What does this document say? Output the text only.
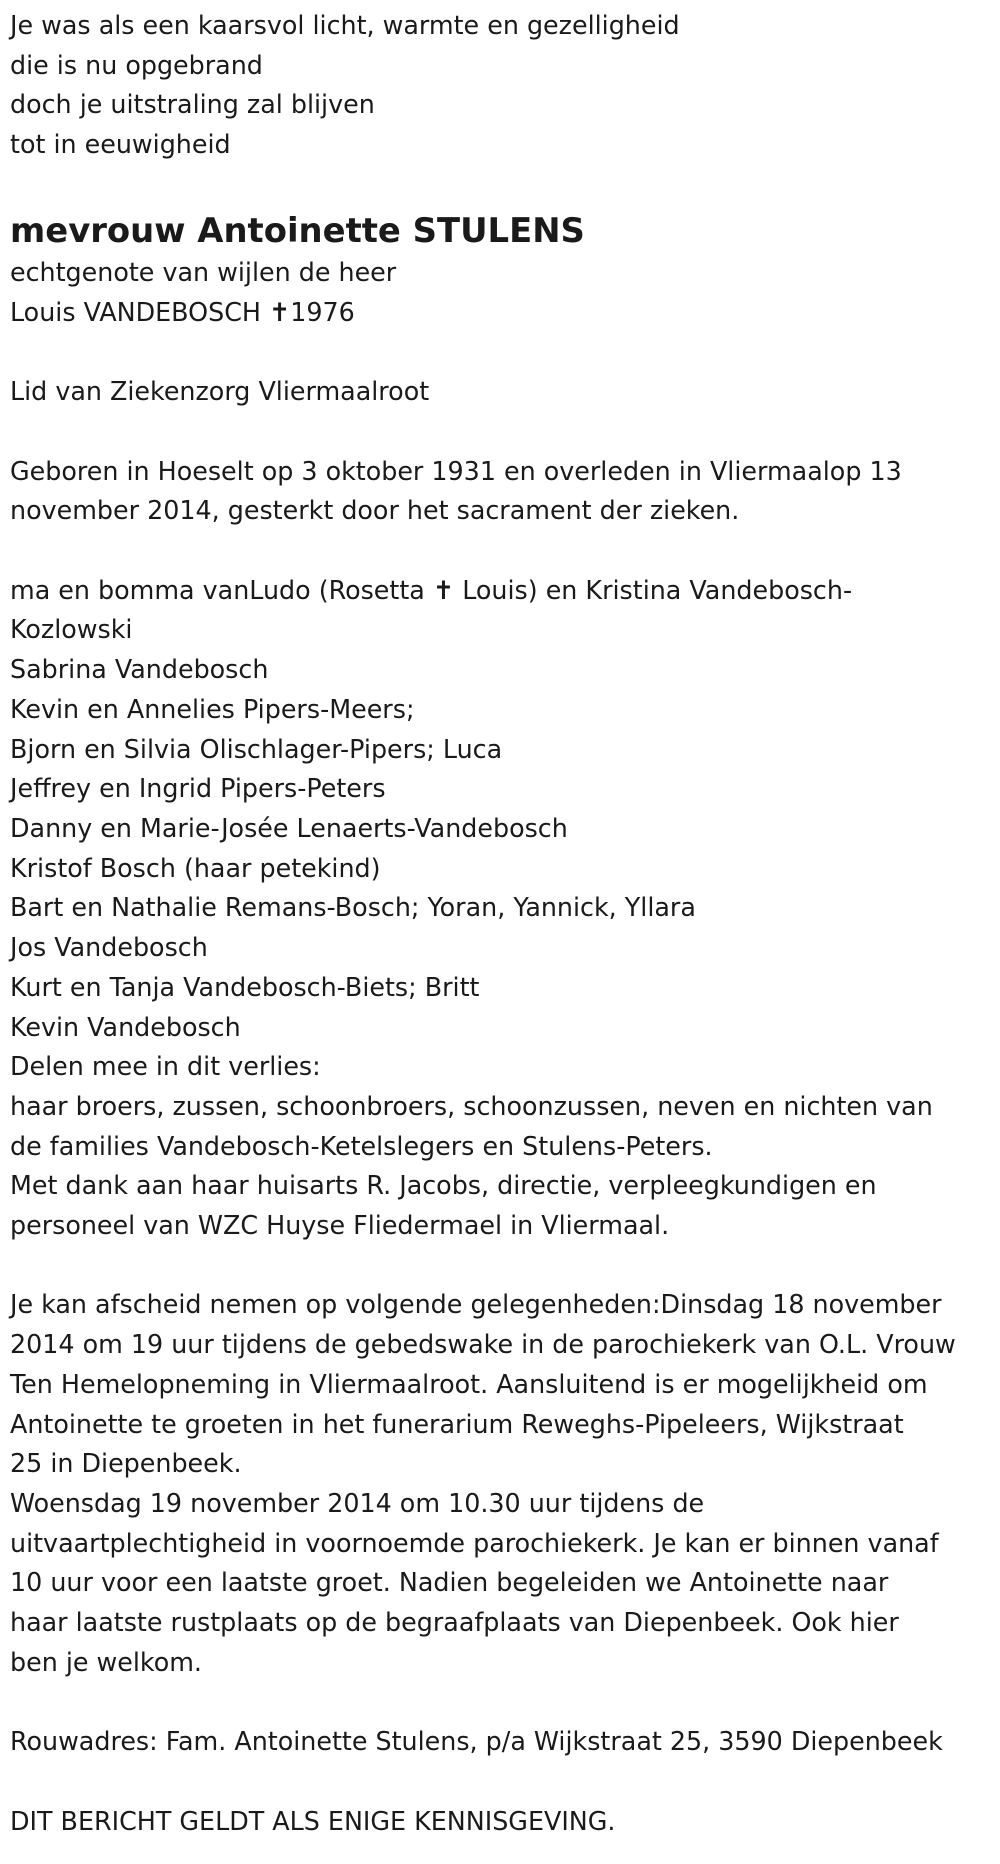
Je was als een kaarsvol licht, warmte en gezelligheid
die is nu opgebrand
doch je uitstraling zal blijven
tot in eeuwigheid
mevrouw Antoinette STULENS
echtgenote van wijlen de heer
Louis VANDEBOSCH ✝1976
Lid van Ziekenzorg Vliermaalroot
Geboren in Hoeselt op 3 oktober 1931 en overleden in Vliermaalop 13
november 2014, gesterkt door het sacrament der zieken.
ma en bomma vanLudo (Rosetta ✝ Louis) en Kristina Vandebosch-
Kozlowski
Sabrina Vandebosch
Kevin en Annelies Pipers-Meers;
Bjorn en Silvia Olischlager-Pipers; Luca
Jeffrey en Ingrid Pipers-Peters
Danny en Marie-Josée Lenaerts-Vandebosch
Kristof Bosch (haar petekind)
Bart en Nathalie Remans-Bosch; Yoran, Yannick, Yllara
Jos Vandebosch
Kurt en Tanja Vandebosch-Biets; Britt
Kevin Vandebosch
Delen mee in dit verlies:
haar broers, zussen, schoonbroers, schoonzussen, neven en nichten van
de families Vandebosch-Ketelslegers en Stulens-Peters.
Met dank aan haar huisarts R. Jacobs, directie, verpleegkundigen en
personeel van WZC Huyse Fliedermael in Vliermaal.
Je kan afscheid nemen op volgende gelegenheden:Dinsdag 18 november
2014 om 19 uur tijdens de gebedswake in de parochiekerk van O.L. Vrouw
Ten Hemelopneming in Vliermaalroot. Aansluitend is er mogelijkheid om
Antoinette te groeten in het funerarium Reweghs-Pipeleers, Wijkstraat
25 in Diepenbeek.
Woensdag 19 november 2014 om 10.30 uur tijdens de
uitvaartplechtigheid in voornoemde parochiekerk. Je kan er binnen vanaf
10 uur voor een laatste groet. Nadien begeleiden we Antoinette naar
haar laatste rustplaats op de begraafplaats van Diepenbeek. Ook hier
ben je welkom.
Rouwadres: Fam. Antoinette Stulens, p/a Wijkstraat 25, 3590 Diepenbeek
DIT BERICHT GELDT ALS ENIGE KENNISGEVING.
